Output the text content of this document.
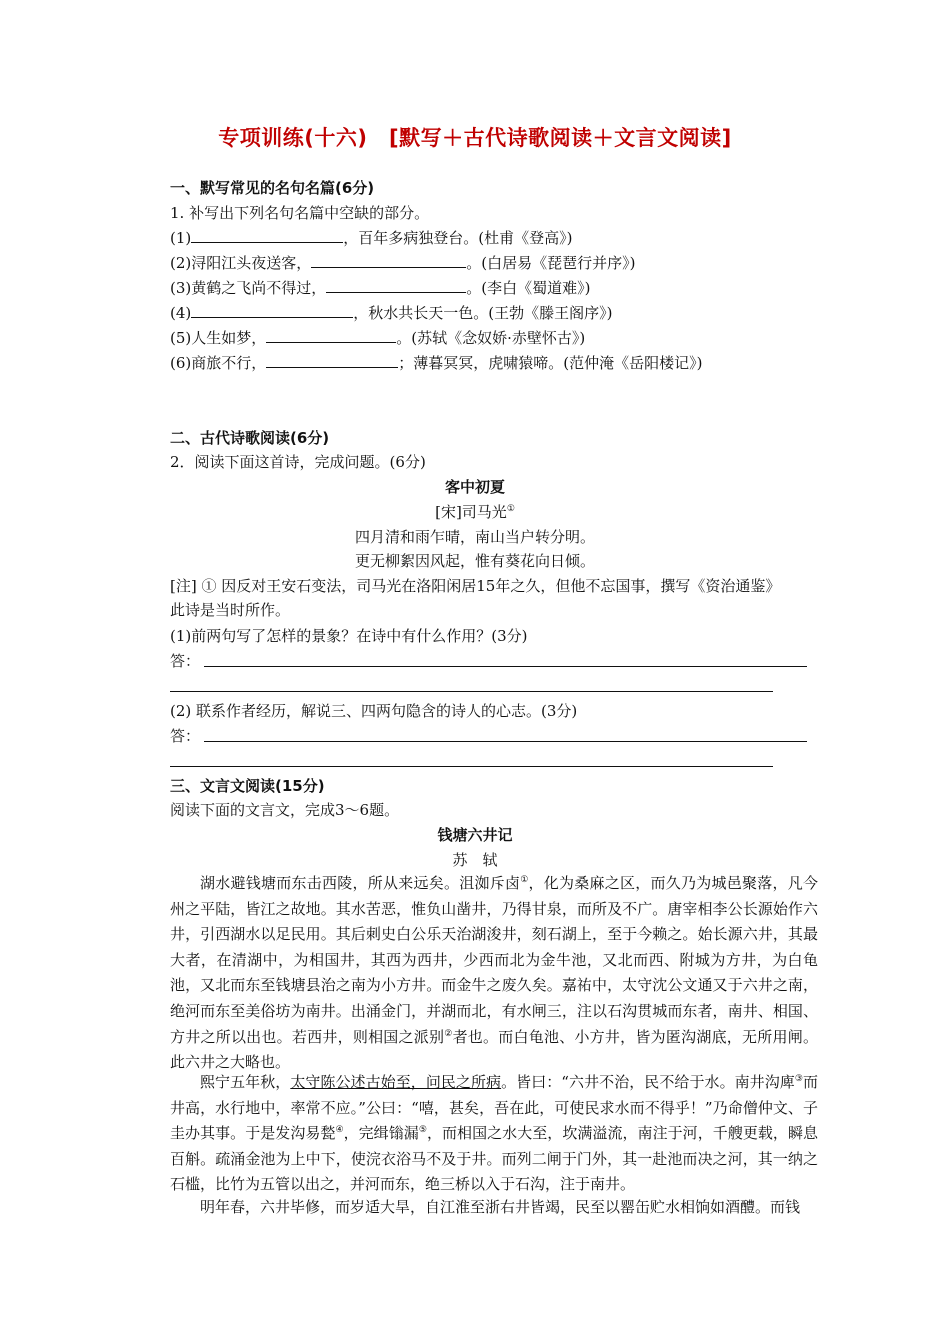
专项训练(十六)　[默写＋古代诗歌阅读＋文言文阅读]
一、默写常见的名句名篇(6分)
1. 补写出下列名句名篇中空缺的部分。
(1)	，百年多病独登台。(杜甫《登高》)
(2)浔阳江头夜送客，	。(白居易《琵琶行并序》)
(3)黄鹤之飞尚不得过，	。(李白《蜀道难》)
(4)	，秋水共长天一色。(王勃《滕王阁序》)
(5)人生如梦，	。(苏轼《念奴娇·赤壁怀古》)
(6)商旅不行，	；薄暮冥冥，虎啸猿啼。(范仲淹《岳阳楼记》)
二、古代诗歌阅读(6分)
2．阅读下面这首诗，完成问题。(6分)
客中初夏
[宋]司马光①
四月清和雨乍晴，南山当户转分明。
更无柳絮因风起，惟有葵花向日倾。
[注] ① 因反对王安石变法，司马光在洛阳闲居15年之久，但他不忘国事，撰写《资治通鉴》
此诗是当时所作。
(1)前两句写了怎样的景象？在诗中有什么作用？(3分)
答：
(2) 联系作者经历，解说三、四两句隐含的诗人的心志。(3分)
答：
三、文言文阅读(15分)
阅读下面的文言文，完成3～6题。
钱塘六井记
苏　轼
湖水避钱塘而东击西陵，所从来远矣。沮洳斥卤①，化为桑麻之区，而久乃为城邑聚落，凡今州之平陆，皆江之故地。其水苦恶，惟负山凿井，乃得甘泉，而所及不广。唐宰相李公长源始作六井，引西湖水以足民用。其后刺史白公乐天治湖浚井，刻石湖上，至于今赖之。始长源六井，其最大者，在清湖中，为相国井，其西为西井，少西而北为金牛池，又北而西、附城为方井，为白龟池，又北而东至钱塘县治之南为小方井。而金牛之废久矣。嘉祐中，太守沈公文通又于六井之南，绝河而东至美俗坊为南井。出涌金门，并湖而北，有水闸三，注以石沟贯城而东者，南井、相国、方井之所以出也。若西井，则相国之派别②者也。而白龟池、小方井，皆为匿沟湖底，无所用闸。此六井之大略也。
熙宁五年秋，太守陈公述古始至，问民之所病。皆曰：“六井不治，民不给于水。南井沟庳③而井高，水行地中，率常不应。”公曰：“嘻，甚矣，吾在此，可使民求水而不得乎！”乃命僧仲文、子圭办其事。于是发沟易甃④，完缉𬭩漏⑤，而相国之水大至，坎满溢流，南注于河，千艘更载，瞬息百斛。疏涌金池为上中下，使浣衣浴马不及于井。而列二闸于门外，其一赴池而决之河，其一纳之石槛，比竹为五管以出之，并河而东，绝三桥以入于石沟，注于南井。
明年春，六井毕修，而岁适大旱，自江淮至浙右井皆竭，民至以罂缶贮水相饷如酒醴。而钱
